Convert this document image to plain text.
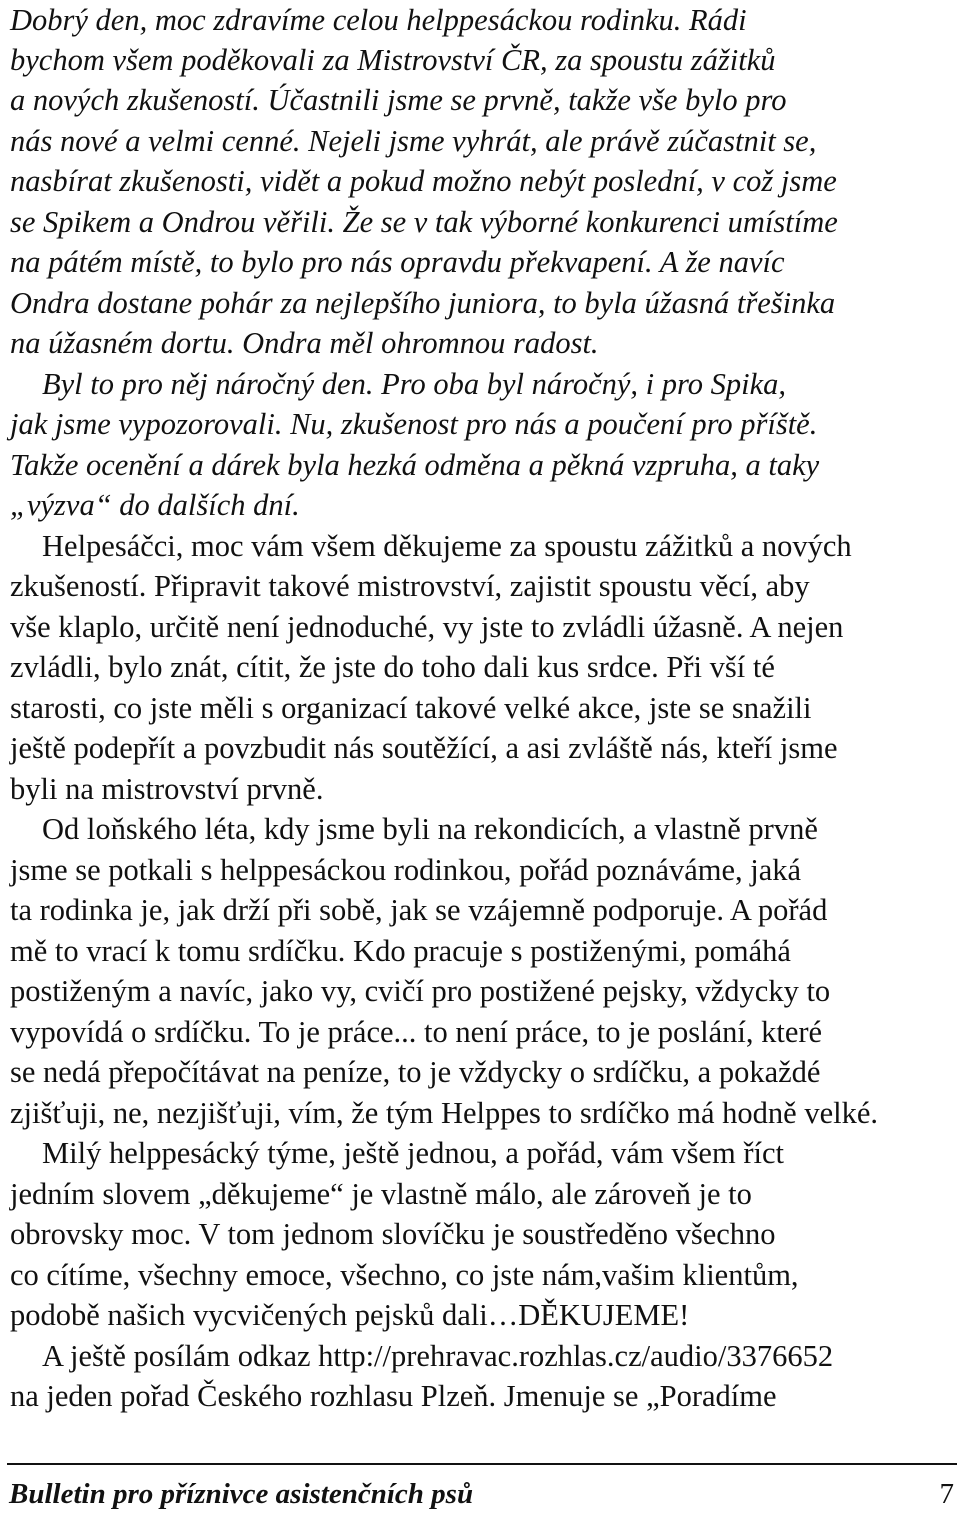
Dobrý den, moc zdravíme celou helppesáckou rodinku. Rádi
bychom všem poděkovali za Mistrovství ČR, za spoustu zážitků
a nových zkušeností. Účastnili jsme se prvně, takže vše bylo pro
nás nové a velmi cenné. Nejeli jsme vyhrát, ale právě zúčastnit se,
nasbírat zkušenosti, vidět a pokud možno nebýt poslední, v což jsme
se Spikem a Ondrou věřili. Že se v tak výborné konkurenci umístíme
na pátém místě, to bylo pro nás opravdu překvapení. A že navíc
Ondra dostane pohár za nejlepšího juniora, to byla úžasná třešinka
na úžasném dortu. Ondra měl ohromnou radost.
Byl to pro něj náročný den. Pro oba byl náročný, i pro Spika,
jak jsme vypozorovali. Nu, zkušenost pro nás a poučení pro příště.
Takže ocenění a dárek byla hezká odměna a pěkná vzpruha, a taky
„výzva“ do dalších dní.
Helpesáčci, moc vám všem děkujeme za spoustu zážitků a nových
zkušeností. Připravit takové mistrovství, zajistit spoustu věcí, aby
vše klaplo, určitě není jednoduché, vy jste to zvládli úžasně. A nejen
zvládli, bylo znát, cítit, že jste do toho dali kus srdce. Při vší té
starosti, co jste měli s organizací takové velké akce, jste se snažili
ještě podepřít a povzbudit nás soutěžící, a asi zvláště nás, kteří jsme
byli na mistrovství prvně.
Od loňského léta, kdy jsme byli na rekondicích, a vlastně prvně
jsme se potkali s helppesáckou rodinkou, pořád poznáváme, jaká
ta rodinka je, jak drží při sobě, jak se vzájemně podporuje. A pořád
mě to vrací k tomu srdíčku. Kdo pracuje s postiženými, pomáhá
postiženým a navíc, jako vy, cvičí pro postižené pejsky, vždycky to
vypovídá o srdíčku. To je práce... to není práce, to je poslání, které
se nedá přepočítávat na peníze, to je vždycky o srdíčku, a pokaždé
zjišťuji, ne, nezjišťuji, vím, že tým Helppes to srdíčko má hodně velké.
Milý helppesácký týme, ještě jednou, a pořád, vám všem říct
jedním slovem „děkujeme“ je vlastně málo, ale zároveň je to
obrovsky moc. V tom jednom slovíčku je soustředěno všechno
co cítíme, všechny emoce, všechno, co jste nám,vašim klientům,
podobě našich vycvičených pejsků dali…DĚKUJEME!
A ještě posílám odkaz http://prehravac.rozhlas.cz/audio/3376652
na jeden pořad Českého rozhlasu Plzeň. Jmenuje se „Poradíme
Bulletin pro příznivce asistenčních psů	7
